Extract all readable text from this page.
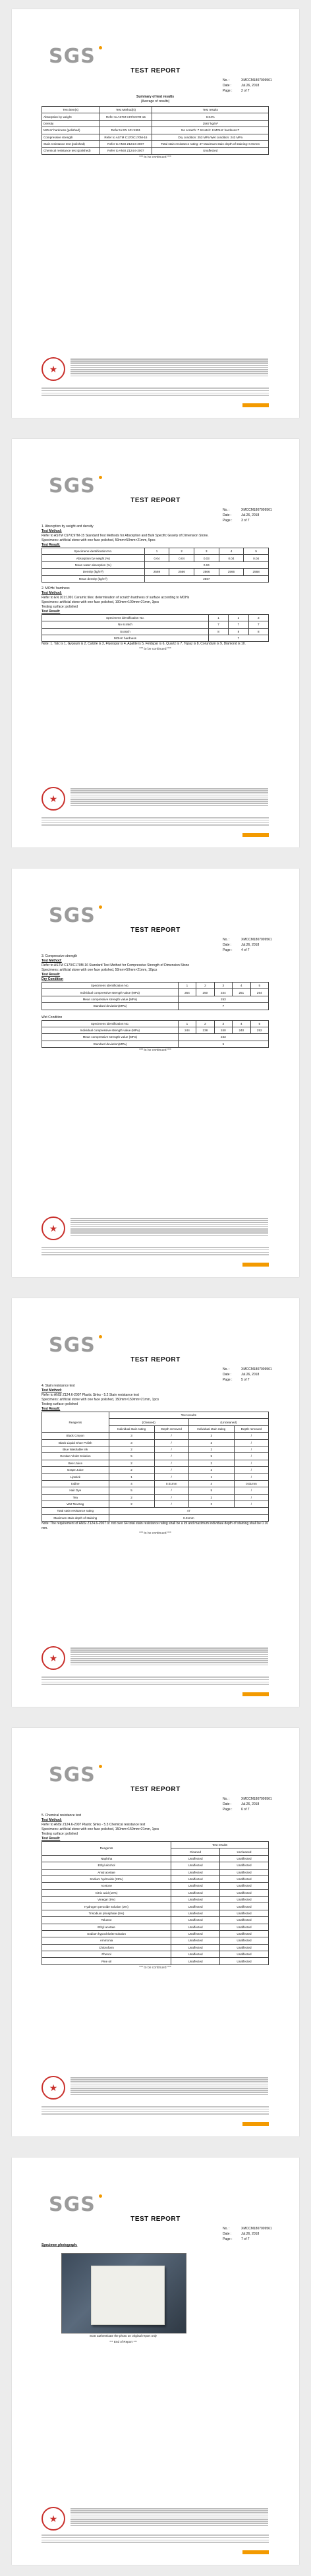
SGS
TEST REPORT
No. :	XMCCM1807009561
Date :	Jul.26, 2018
Page :	2 of 7
Summary of test results
(Average of results)
Test item(s)	Test Method(s)	Test results
Absorption by weight	Refer to ASTM C97/C97M-15	0.04%
Density		2567 kg/m³
MOHs' hardness (polished)	Refer to EN 101:1991	No scratch: 7 Scratch: 8 MOHs' hardness:7
Compressive strength	Refer to ASTM C170/C170M-16	Dry condition: 253 MPa Wet condition: 243 MPa
Stain resistance test (polished)	Refer to ANSI Z124.6-2007	Total stain resistance rating: 47 Maximum stain depth of staining: 0.01mm
Chemical resistance test (polished)	Refer to ANSI Z124.6-2007	Unaffected
*** to be continued ***
★
SGS
TEST REPORT
No. :	XMCCM1807009561
Date :	Jul.26, 2018
Page :	3 of 7
1. Absorption by weight and density
Test Method:
Refer to ASTM C97/C97M-15 Standard Test Methods for Absorption and Bulk Specific Gravity of Dimension Stone.
Specimens: artificial stone with one face polished, 50mm×50mm×21mm, 5pcs
Test Result:
Specimens identification No.	1	2	3	4	5
Absorption by weight (%)	0.04	0.04	0.03	0.04	0.04
Mean water absorption (%)	0.04				
Density (kg/m³)	2569	2566	2566	2566	2568
Mean density (kg/m³)	2567				
2. MOHs' hardness
Test Method:
Refer to EN 101:1991 Ceramic tiles: determination of scratch hardness of surface according to MOHs
Specimens: artificial stone with one face polished, 100mm×100mm×21mm, 3pcs
Testing surface: polished
Test Result:
Specimens identification No.	1	2	3
No scratch	7	7	7
Scratch	8	8	8
MOHs' hardness	7		
Note: 1. Talc is 1, Gypsum is 2, Calcite is 3, Fluorspar is 4, Apatite is 5, Feldspar is 6, Quartz is 7, Topaz is 8, Corundum is 9, Diamond is 10.
*** to be continued ***
★
SGS
TEST REPORT
No. :	XMCCM1807009561
Date :	Jul.26, 2018
Page :	4 of 7
3. Compressive strength
Test Method:
Refer to ASTM C170/C170M-16 Standard Test Method for Compressive Strength of Dimension Stone
Specimens: artificial stone with one face polished, 50mm×50mm×21mm, 10pcs
Test Result:
Dry Condition
Specimens identification No.	1	2	3	4	5
Individual compressive strength value (MPa)	254	250	244	251	264
Mean compressive strength value (MPa)	253				
Standard deviation(MPa)	7				
Wet Condition
Specimens identification No.	1	2	3	4	5
Individual compressive strength value (MPa)	244	238	240	240	252
Mean compressive strength value (MPa)	243				
Standard deviation(MPa)	5				
*** to be continued ***
★
SGS
TEST REPORT
No. :	XMCCM1807009561
Date :	Jul.26, 2018
Page :	5 of 7
4. Stain resistance test
Test Method:
Refer to ANSI Z124.6-2007 Plastic Sinks - 5.2 Stain resistance test
Specimens: artificial stone with one face polished, 150mm×150mm×21mm, 1pcs
Testing surface: polished
Test Result:
Reagents	Test results			
	(Cleaned)		(Uncleaned)	
	Individual stain rating	Depth removed	Individual stain rating	Depth removed
Black Crayon	3	/	3	/
Black Liquid Shoe Polish	3	/	3	/
Blue Washable Ink	2	/	2	/
Gentian Violet Solution	5	/	5	/
Beet Juice	2	/	2	/
Grape Juice	2	/	2	/
Lipstick	1	/	1	/
Iodine	4	0.01mm	4	0.01mm
Hair Dye	5	/	5	/
Tea	2	/	2	/
Wet Tea Bag	2	/	2	/
Total stain resistance rating	47			
Maximum stain depth of staining	0.01mm			
Note: The requirement of ANSI Z124.6-2007 is: not over 64 total stain resistance rating shall be a lot and maximum individual depth of staining shall be 0.10 mm.
*** to be continued ***
★
SGS
TEST REPORT
No. :	XMCCM1807009561
Date :	Jul.26, 2018
Page :	6 of 7
5. Chemical resistance test
Test Method:
Refer to ANSI Z124.6-2007 Plastic Sinks - 5.3 Chemical resistance test
Specimens: artificial stone with one face polished, 150mm×150mm×21mm, 1pcs
Testing surface: polished
Test Result:
Reagents	Test results	
	Cleaned	Uncleaned
Naphtha	Unaffected	Unaffected
Ethyl alcohol	Unaffected	Unaffected
Amyl acetate	Unaffected	Unaffected
Sodium hydroxide (25%)	Unaffected	Unaffected
Acetone	Unaffected	Unaffected
Citric acid (10%)	Unaffected	Unaffected
Vinegar (5%)	Unaffected	Unaffected
Hydrogen peroxide solution (3%)	Unaffected	Unaffected
Trisodium phosphate (5%)	Unaffected	Unaffected
Toluene	Unaffected	Unaffected
Ethyl acetate	Unaffected	Unaffected
Sodium hypochlorite solution	Unaffected	Unaffected
Ammonia	Unaffected	Unaffected
Chloroform	Unaffected	Unaffected
Phenol	Unaffected	Unaffected
Pine oil	Unaffected	Unaffected
*** to be continued ***
★
SGS
TEST REPORT
No. :	XMCCM1807009561
Date :	Jul.26, 2018
Page :	7 of 7
Specimen photograph:
SGS authenticate the photo on original report only
*** End of Report ***
★
